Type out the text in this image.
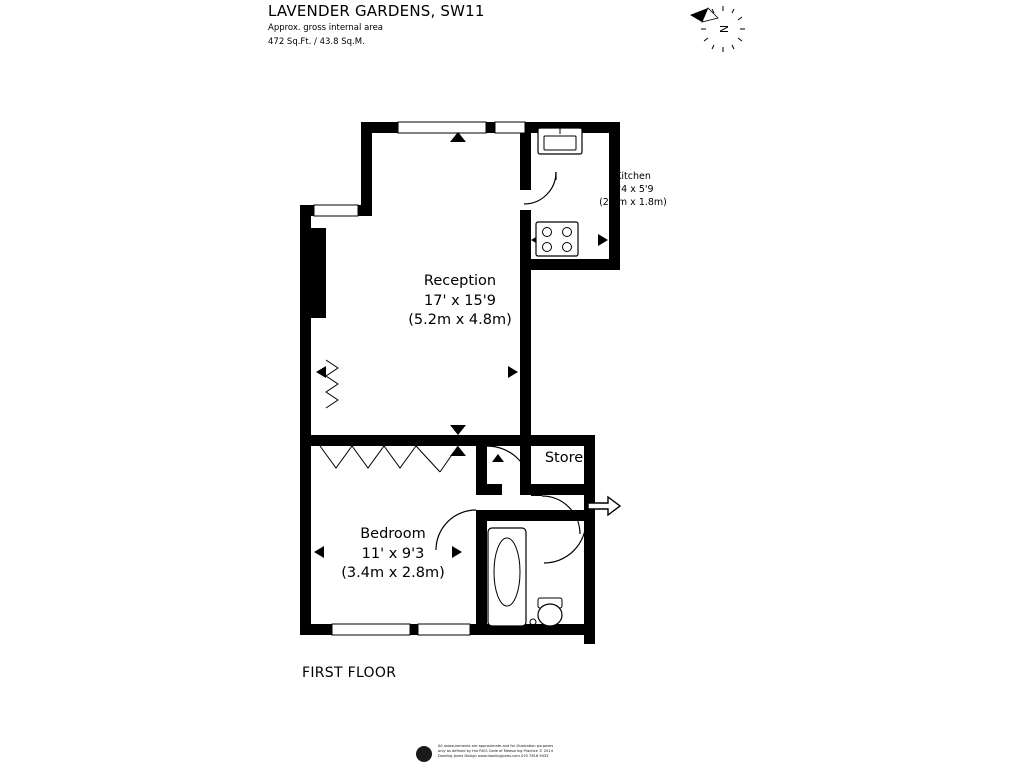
LAVENDER GARDENS, SW11
Approx. gross internal area
472 Sq.Ft. / 43.8 Sq.M.
N
Reception
17' x 15'9
(5.2m x 4.8m)
Kitchen
7'4 x 5'9
(2.2m x 1.8m)
Bedroom
11' x 9'3
(3.4m x 2.8m)
Store
FIRST FLOOR
All measurements are approximate and for illustration purposes
only as defined by the RICS Code of Measuring Practice © 2014
Dowling Jones Design www.dowlingjones.com 020 7616 9433
